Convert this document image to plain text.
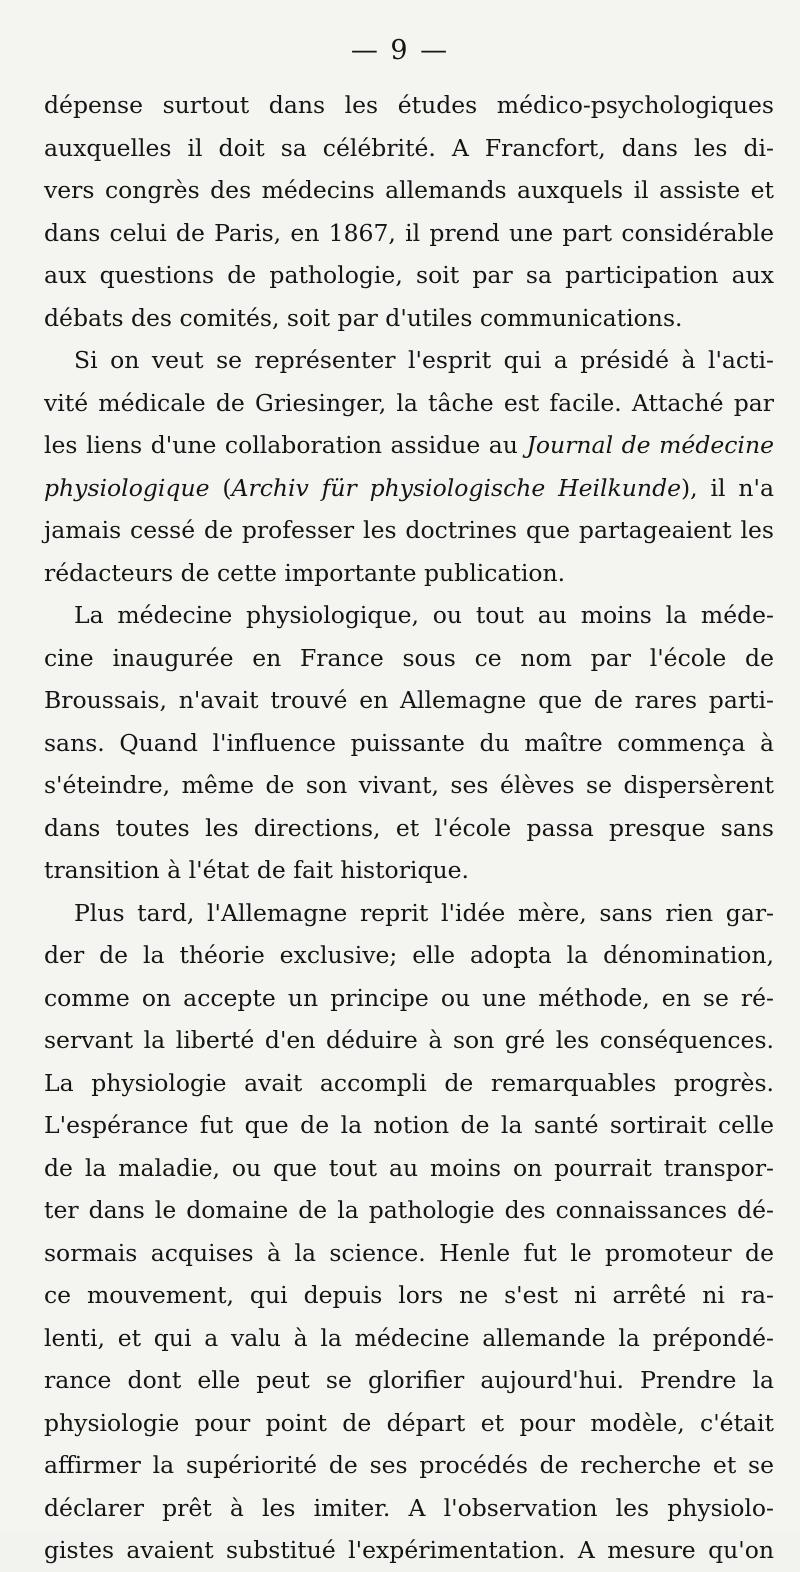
— 9 —
dépense surtout dans les études médico-psychologiques
auxquelles il doit sa célébrité. A Francfort, dans les di-
vers congrès des médecins allemands auxquels il assiste et
dans celui de Paris, en 1867, il prend une part considérable
aux questions de pathologie, soit par sa participation aux
débats des comités, soit par d'utiles communications.
Si on veut se représenter l'esprit qui a présidé à l'acti-
vité médicale de Griesinger, la tâche est facile. Attaché par
les liens d'une collaboration assidue au Journal de médecine
physiologique (Archiv für physiologische Heilkunde), il n'a
jamais cessé de professer les doctrines que partageaient les
rédacteurs de cette importante publication.
La médecine physiologique, ou tout au moins la méde-
cine inaugurée en France sous ce nom par l'école de
Broussais, n'avait trouvé en Allemagne que de rares parti-
sans. Quand l'influence puissante du maître commença à
s'éteindre, même de son vivant, ses élèves se dispersèrent
dans toutes les directions, et l'école passa presque sans
transition à l'état de fait historique.
Plus tard, l'Allemagne reprit l'idée mère, sans rien gar-
der de la théorie exclusive; elle adopta la dénomination,
comme on accepte un principe ou une méthode, en se ré-
servant la liberté d'en déduire à son gré les conséquences.
La physiologie avait accompli de remarquables progrès.
L'espérance fut que de la notion de la santé sortirait celle
de la maladie, ou que tout au moins on pourrait transpor-
ter dans le domaine de la pathologie des connaissances dé-
sormais acquises à la science. Henle fut le promoteur de
ce mouvement, qui depuis lors ne s'est ni arrêté ni ra-
lenti, et qui a valu à la médecine allemande la prépondé-
rance dont elle peut se glorifier aujourd'hui. Prendre la
physiologie pour point de départ et pour modèle, c'était
affirmer la supériorité de ses procédés de recherche et se
déclarer prêt à les imiter. A l'observation les physiolo-
gistes avaient substitué l'expérimentation. A mesure qu'on
